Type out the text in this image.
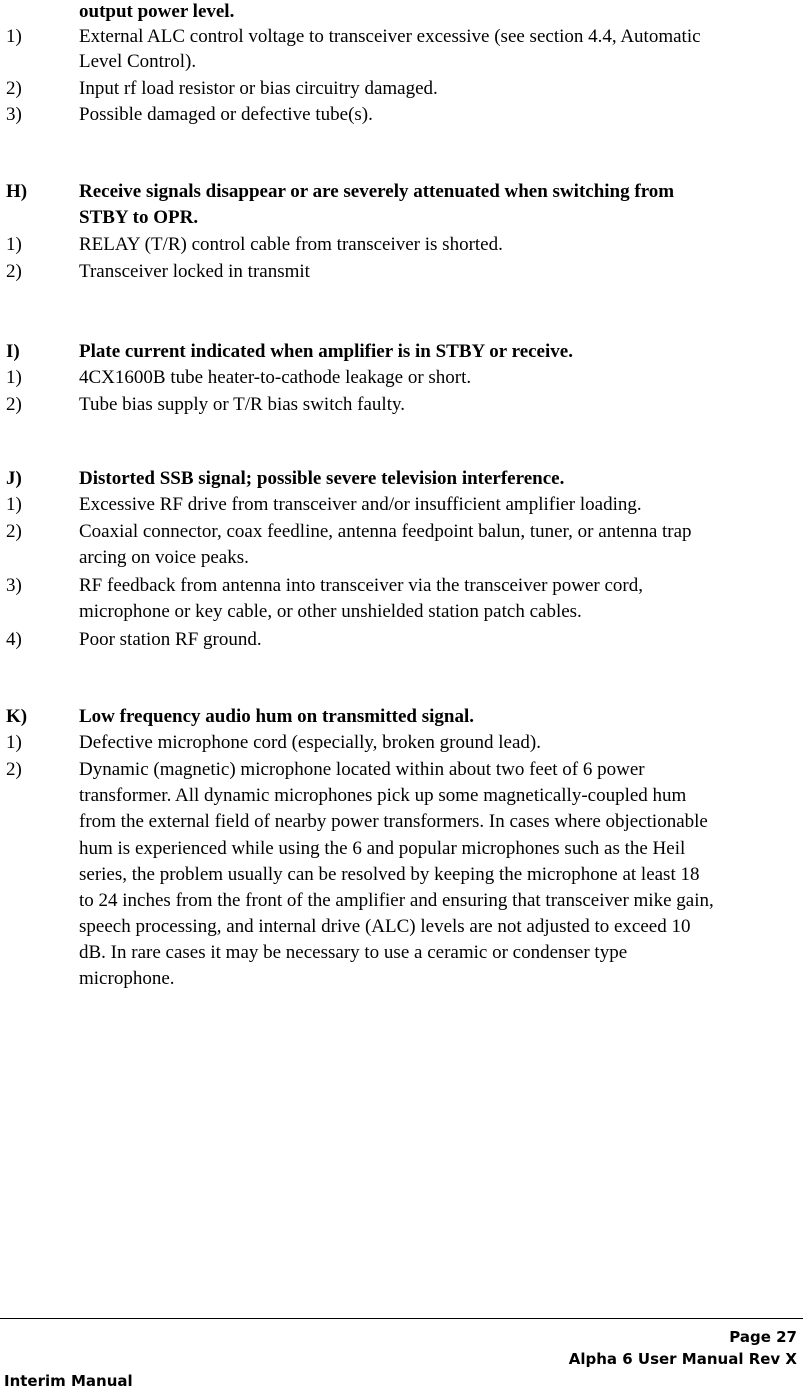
output power level.
1)	External ALC control voltage to transceiver excessive (see section 4.4, Automatic
Level Control).
2)	Input rf load resistor or bias circuitry damaged.
3)	Possible damaged or defective tube(s).
H)	Receive signals disappear or are severely attenuated when switching from
STBY to OPR.
1)	RELAY (T/R) control cable from transceiver is shorted.
2)	Transceiver locked in transmit
I)	Plate current indicated when amplifier is in STBY or receive.
1)	4CX1600B tube heater-to-cathode leakage or short.
2)	Tube bias supply or T/R bias switch faulty.
J)	Distorted SSB signal; possible severe television interference.
1)	Excessive RF drive from transceiver and/or insufficient amplifier loading.
2)	Coaxial connector, coax feedline, antenna feedpoint balun, tuner, or antenna trap
arcing on voice peaks.
3)	RF feedback from antenna into transceiver via the transceiver power cord,
microphone or key cable, or other unshielded station patch cables.
4)	Poor station RF ground.
K)	Low frequency audio hum on transmitted signal.
1)	Defective microphone cord (especially, broken ground lead).
2)	Dynamic (magnetic) microphone located within about two feet of 6 power
transformer. All dynamic microphones pick up some magnetically-coupled hum
from the external field of nearby power transformers. In cases where objectionable
hum is experienced while using the 6 and popular microphones such as the Heil
series, the problem usually can be resolved by keeping the microphone at least 18
to 24 inches from the front of the amplifier and ensuring that transceiver mike gain,
speech processing, and internal drive (ALC) levels are not adjusted to exceed 10
dB. In rare cases it may be necessary to use a ceramic or condenser type
microphone.
Page 27
Alpha 6 User Manual Rev X
Interim Manual
